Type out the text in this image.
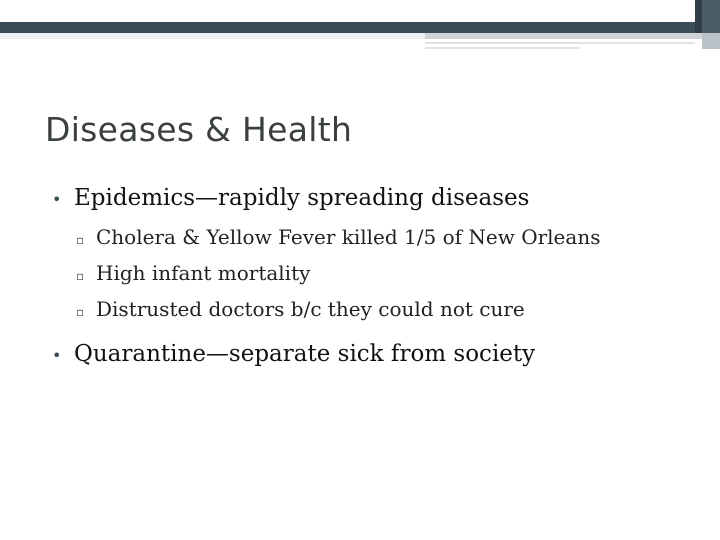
Diseases & Health
• Epidemics—rapidly spreading diseases
▫ Cholera & Yellow Fever killed 1/5 of New Orleans
▫ High infant mortality
▫ Distrusted doctors b/c they could not cure
• Quarantine—separate sick from society
